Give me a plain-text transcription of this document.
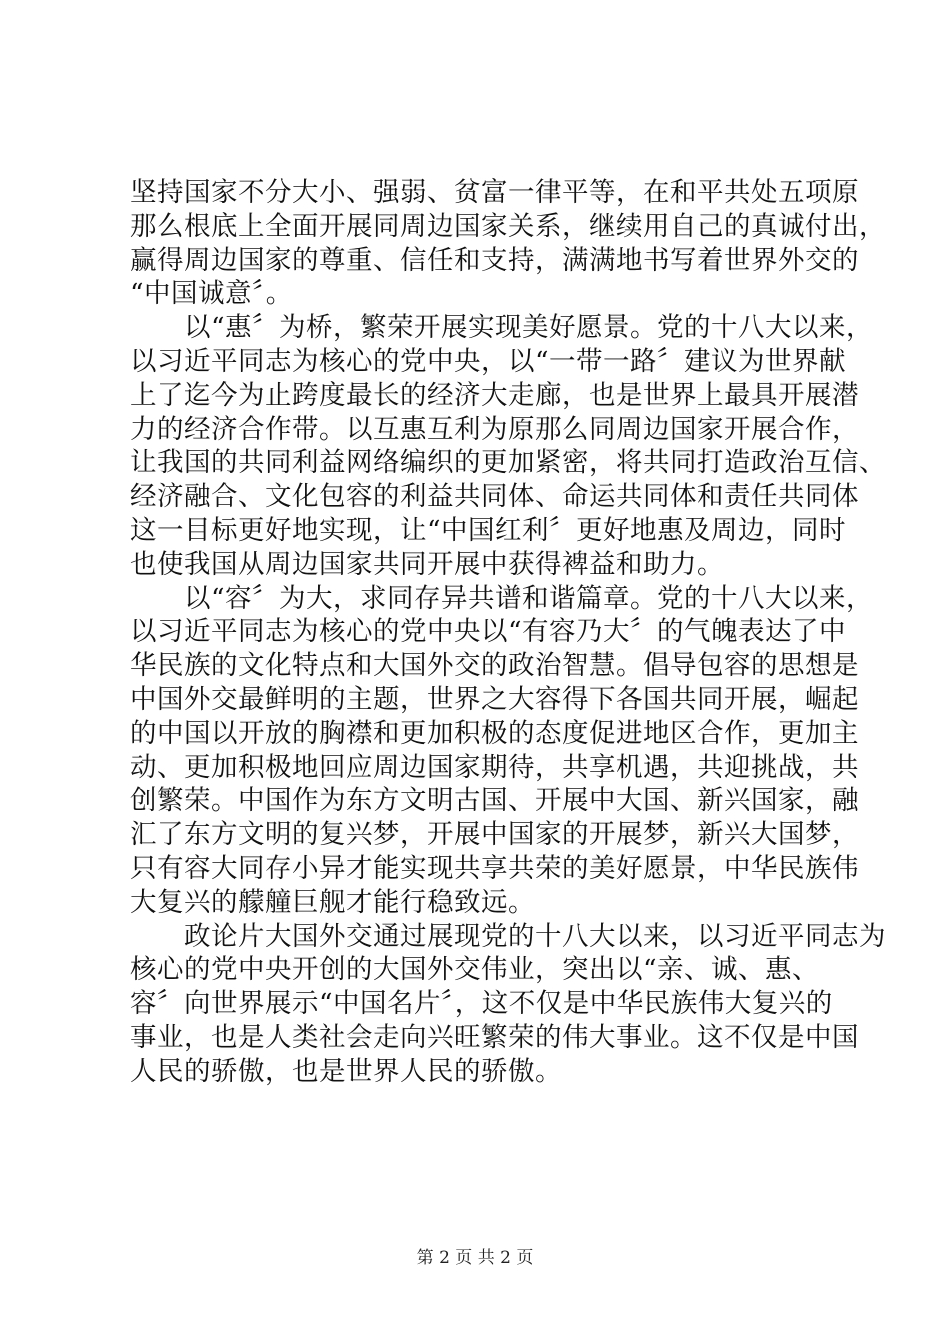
坚持国家不分大小、强弱、贫富一律平等，在和平共处五项原
那么根底上全面开展同周边国家关系，继续用自己的真诚付出，
赢得周边国家的尊重、信任和支持，满满地书写着世界外交的
“中国诚意〞。
　　以“惠〞为桥，繁荣开展实现美好愿景。党的十八大以来，
以习近平同志为核心的党中央，以“一带一路〞建议为世界献
上了迄今为止跨度最长的经济大走廊，也是世界上最具开展潜
力的经济合作带。以互惠互利为原那么同周边国家开展合作，
让我国的共同利益网络编织的更加紧密，将共同打造政治互信、
经济融合、文化包容的利益共同体、命运共同体和责任共同体
这一目标更好地实现，让“中国红利〞更好地惠及周边，同时
也使我国从周边国家共同开展中获得裨益和助力。
　　以“容〞为大，求同存异共谱和谐篇章。党的十八大以来，
以习近平同志为核心的党中央以“有容乃大〞的气魄表达了中
华民族的文化特点和大国外交的政治智慧。倡导包容的思想是
中国外交最鲜明的主题，世界之大容得下各国共同开展，崛起
的中国以开放的胸襟和更加积极的态度促进地区合作，更加主
动、更加积极地回应周边国家期待，共享机遇，共迎挑战，共
创繁荣。中国作为东方文明古国、开展中大国、新兴国家，融
汇了东方文明的复兴梦，开展中国家的开展梦，新兴大国梦，
只有容大同存小异才能实现共享共荣的美好愿景，中华民族伟
大复兴的艨艟巨舰才能行稳致远。
　　政论片大国外交通过展现党的十八大以来，以习近平同志为
核心的党中央开创的大国外交伟业，突出以“亲、诚、惠、
容〞向世界展示“中国名片〞，这不仅是中华民族伟大复兴的
事业，也是人类社会走向兴旺繁荣的伟大事业。这不仅是中国
人民的骄傲，也是世界人民的骄傲。
第 2 页 共 2 页
